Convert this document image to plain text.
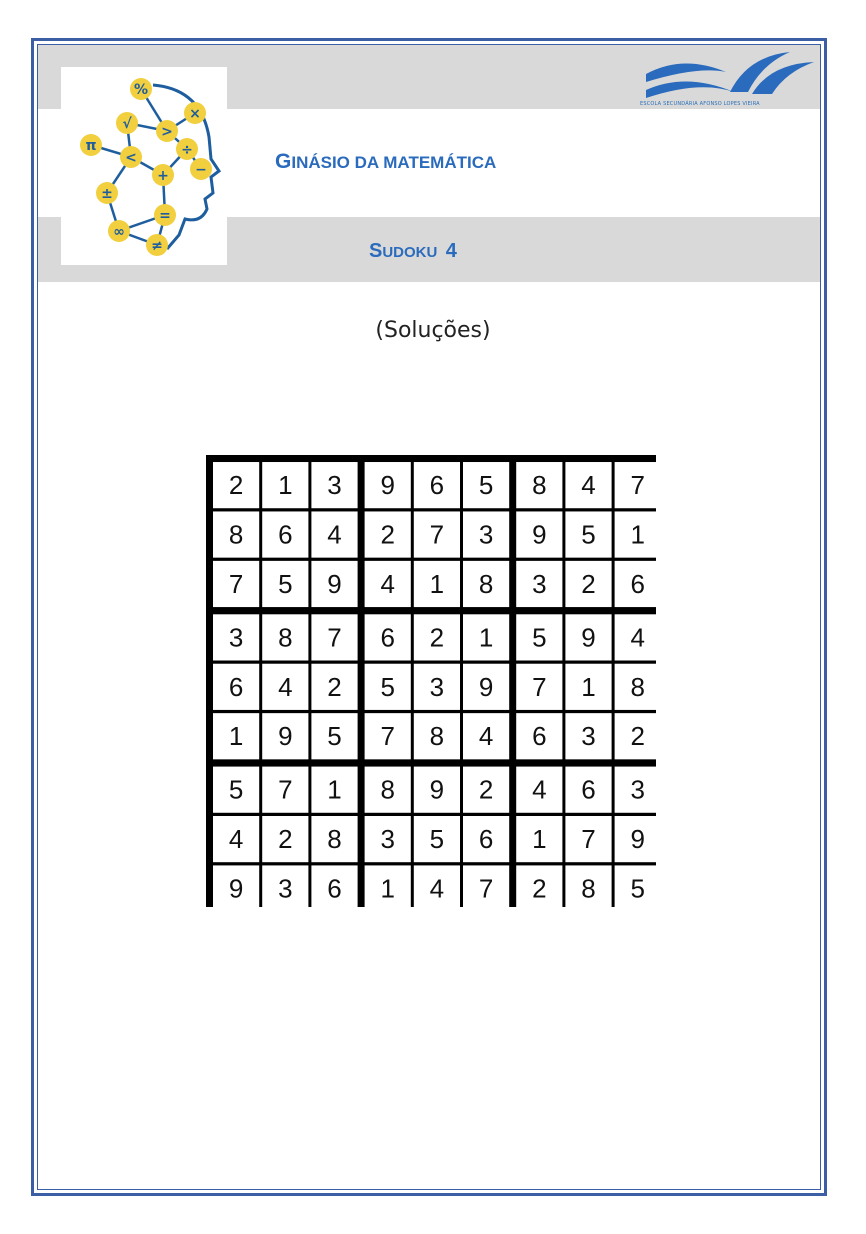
%
√ >
×
π
<	÷
−
+
±
=
∞
≠
ESCOLA SECUNDÁRIA AFONSO LOPES VIEIRA
GINÁSIO DA MATEMÁTICA
SUDOKU  4
(Soluções)
2 1 3 9 6 5 8 4 7
8 6 4 2 7 3 9 5 1
7 5 9 4 1 8 3 2 6
3 8 7 6 2 1 5 9 4
6 4 2 5 3 9 7 1 8
1 9 5 7 8 4 6 3 2
5 7 1 8 9 2 4 6 3
4 2 8 3 5 6 1 7 9
9 3 6 1 4 7 2 8 5
